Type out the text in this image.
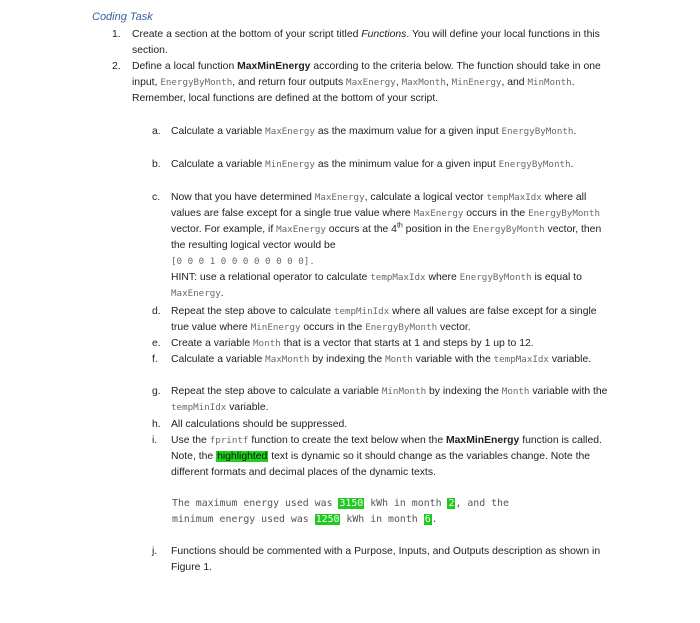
Coding Task
1. Create a section at the bottom of your script titled Functions. You will define your local functions in this section.
2. Define a local function MaxMinEnergy according to the criteria below. The function should take in one input, EnergyByMonth, and return four outputs MaxEnergy, MaxMonth, MinEnergy, and MinMonth. Remember, local functions are defined at the bottom of your script.
a. Calculate a variable MaxEnergy as the maximum value for a given input EnergyByMonth.
b. Calculate a variable MinEnergy as the minimum value for a given input EnergyByMonth.
c. Now that you have determined MaxEnergy, calculate a logical vector tempMaxIdx where all values are false except for a single true value where MaxEnergy occurs in the EnergyByMonth vector. For example, if MaxEnergy occurs at the 4th position in the EnergyByMonth vector, then the resulting logical vector would be
[0 0 0 1 0 0 0 0 0 0 0 0].
HINT: use a relational operator to calculate tempMaxIdx where EnergyByMonth is equal to MaxEnergy.
d. Repeat the step above to calculate tempMinIdx where all values are false except for a single true value where MinEnergy occurs in the EnergyByMonth vector.
e. Create a variable Month that is a vector that starts at 1 and steps by 1 up to 12.
f. Calculate a variable MaxMonth by indexing the Month variable with the tempMaxIdx variable.
g. Repeat the step above to calculate a variable MinMonth by indexing the Month variable with the tempMinIdx variable.
h. All calculations should be suppressed.
i. Use the fprintf function to create the text below when the MaxMinEnergy function is called. Note, the highlighted text is dynamic so it should change as the variables change. Note the different formats and decimal places of the dynamic texts.
The maximum energy used was 3150 kWh in month 2, and the
minimum energy used was 1250 kWh in month 6.
j. Functions should be commented with a Purpose, Inputs, and Outputs description as shown in Figure 1.
